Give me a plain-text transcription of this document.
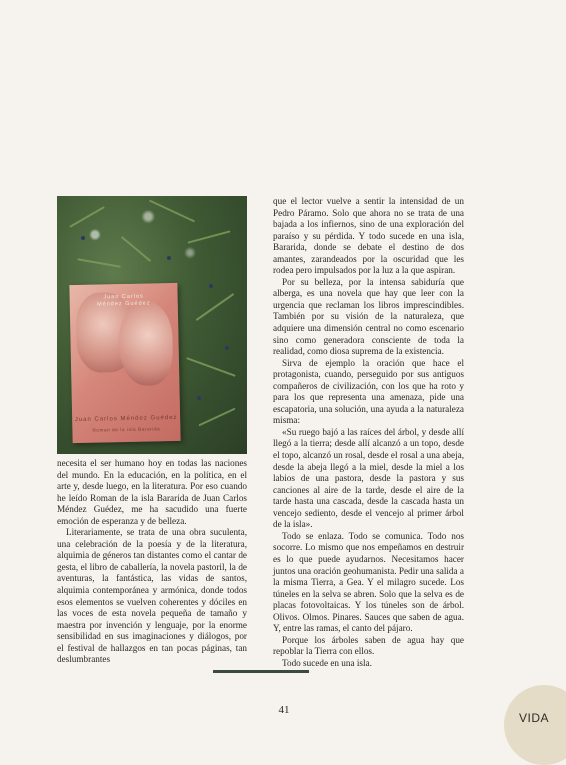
Juan Carlos
Méndez Guédez
Juan Carlos Méndez Guédez
Roman de la isla Bararida

necesita el ser humano hoy en todas las naciones del mundo. En la educación, en la política, en el arte y, desde luego, en la literatura. Por eso cuando he leído Roman de la isla Bararida de Juan Carlos Méndez Guédez, me ha sacudido una fuerte emoción de esperanza y de belleza.

Literariamente, se trata de una obra suculenta, una celebración de la poesía y de la literatura, alquimia de géneros tan distantes como el cantar de gesta, el libro de caballería, la novela pastoril, la de aventuras, la fantástica, las vidas de santos, alquimia contemporánea y armónica, donde todos esos elementos se vuelven coherentes y dóciles en las voces de esta novela pequeña de tamaño y maestra por invención y lenguaje, por la enorme sensibilidad en sus imaginaciones y diálogos, por el festival de hallazgos en tan pocas páginas, tan deslumbrantes

que el lector vuelve a sentir la intensidad de un Pedro Páramo. Solo que ahora no se trata de una bajada a los infiernos, sino de una exploración del paraíso y su pérdida. Y todo sucede en una isla, Bararida, donde se debate el destino de dos amantes, zarandeados por la oscuridad que les rodea pero impulsados por la luz a la que aspiran.

Por su belleza, por la intensa sabiduría que alberga, es una novela que hay que leer con la urgencia que reclaman los libros imprescindibles. También por su visión de la naturaleza, que adquiere una dimensión central no como escenario sino como generadora consciente de toda la realidad, como diosa suprema de la existencia.

Sirva de ejemplo la oración que hace el protagonista, cuando, perseguido por sus antiguos compañeros de civilización, con los que ha roto y para los que representa una amenaza, pide una escapatoria, una solución, una ayuda a la naturaleza misma:

«Su ruego bajó a las raíces del árbol, y desde allí llegó a la tierra; desde allí alcanzó a un topo, desde el topo, alcanzó un rosal, desde el rosal a una abeja, desde la abeja llegó a la miel, desde la miel a los labios de una pastora, desde la pastora y sus canciones al aire de la tarde, desde el aire de la tarde hasta una cascada, desde la cascada hasta un vencejo sediento, desde el vencejo al primer árbol de la isla».

Todo se enlaza. Todo se comunica. Todo nos socorre. Lo mismo que nos empeñamos en destruir es lo que puede ayudarnos. Necesitamos hacer juntos una oración geohumanista. Pedir una salida a la misma Tierra, a Gea. Y el milagro sucede. Los túneles en la selva se abren. Solo que la selva es de placas fotovoltaicas. Y los túneles son de árbol. Olivos. Olmos. Pinares. Sauces que saben de agua. Y, entre las ramas, el canto del pájaro.

Porque los árboles saben de agua hay que repoblar la Tierra con ellos.

Todo sucede en una isla.

41
VIDA
